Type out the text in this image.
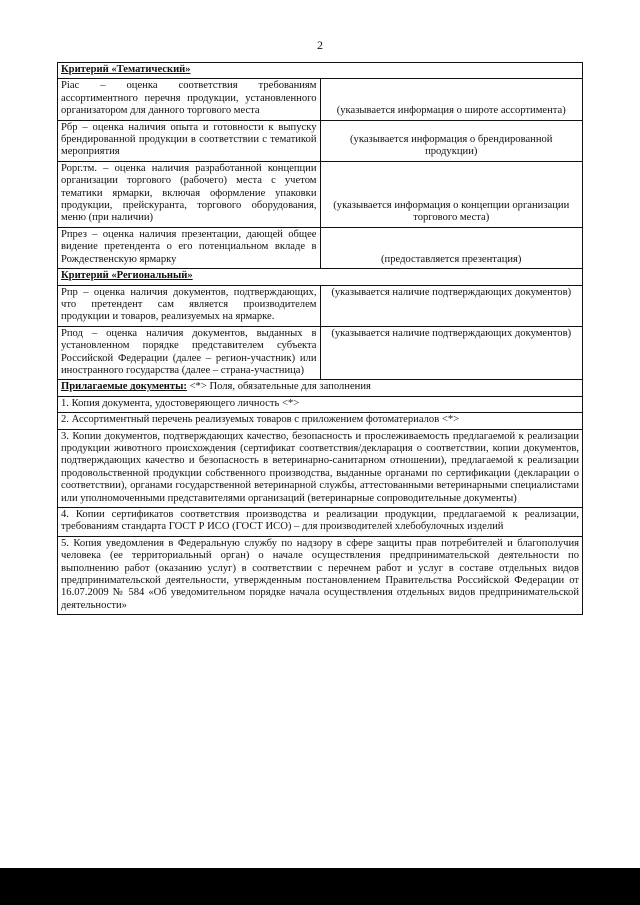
2
Критерий «Тематический»	
Pіас – оценка соответствия требованиям ассортиментного перечня продукции, установленного организатором для данного торгового места	(указывается информация о широте ассортимента)
Рбр – оценка наличия опыта и готовности к выпуску брендированной продукции в соответствии с тематикой мероприятия	(указывается информация о брендированной продукции)
Рорг.тм. – оценка наличия разработанной концепции организации торгового (рабочего) места с учетом тематики ярмарки, включая оформление упаковки продукции, прейскуранта, торгового оборудования, меню (при наличии)	(указывается информация о концепции организации торгового места)
Рпрез – оценка наличия презентации, дающей общее видение претендента о его потенциальном вкладе в Рождественскую ярмарку	(предоставляется презентация)
Критерий «Региональный»	
Рпр – оценка наличия документов, подтверждающих, что претендент сам является производителем продукции и товаров, реализуемых на ярмарке.	(указывается наличие подтверждающих документов)
Рпод – оценка наличия документов, выданных в установленном порядке представителем субъекта Российской Федерации (далее – регион-участник) или иностранного государства (далее – страна-участница)	(указывается наличие подтверждающих документов)
Прилагаемые документы: <*> Поля, обязательные для заполнения	
1. Копия документа, удостоверяющего личность <*>	
2. Ассортиментный перечень реализуемых товаров с приложением фотоматериалов <*>	
3. Копии документов, подтверждающих качество, безопасность и прослеживаемость предлагаемой к реализации продукции животного происхождения (сертификат соответствия/декларация о соответствии, копии документов, подтверждающих качество и безопасность в ветеринарно-санитарном отношении), предлагаемой к реализации продовольственной продукции собственного производства, выданные органами по сертификации (декларации о соответствии), органами государственной ветеринарной службы, аттестованными ветеринарными специалистами или уполномоченными представителями организаций (ветеринарные сопроводительные документы)	
4. Копии сертификатов соответствия производства и реализации продукции, предлагаемой к реализации, требованиям стандарта ГОСТ Р ИСО (ГОСТ ИСО) – для производителей хлебобулочных изделий	
5. Копия уведомления в Федеральную службу по надзору в сфере защиты прав потребителей и благополучия человека (ее территориальный орган) о начале осуществления предпринимательской деятельности по выполнению работ (оказанию услуг) в соответствии с перечнем работ и услуг в составе отдельных видов предпринимательской деятельности, утвержденным постановлением Правительства Российской Федерации от 16.07.2009 № 584 «Об уведомительном порядке начала осуществления отдельных видов предпринимательской деятельности»	
